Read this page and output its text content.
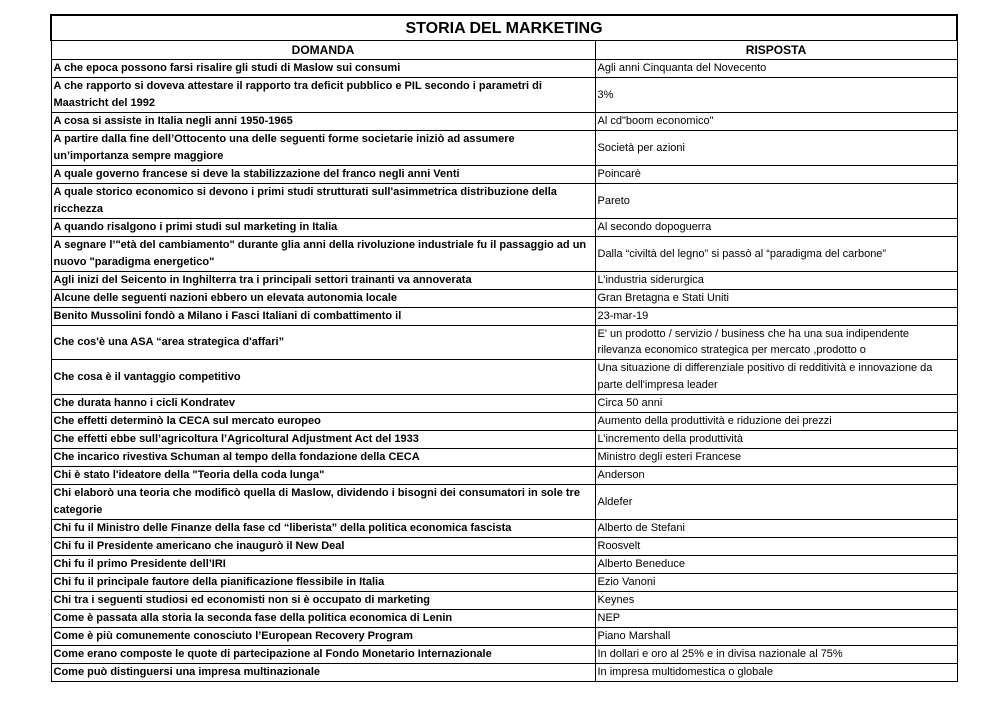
STORIA DEL MARKETING	
DOMANDA	RISPOSTA
A che epoca possono farsi risalire gli studi di Maslow sui consumi	Agli anni Cinquanta del Novecento
A che rapporto si doveva attestare il rapporto tra deficit pubblico e PIL secondo i parametri di Maastricht del 1992	3%
A cosa si assiste in Italia negli anni 1950-1965	Al cd"boom economico"
A partire dalla fine dell’Ottocento una delle seguenti forme societarie iniziò ad assumere un’importanza sempre maggiore	Società per azioni
A quale governo francese si deve la stabilizzazione del franco negli anni Venti	Poincarè
A quale storico economico si devono i primi studi strutturati sull'asimmetrica distribuzione della ricchezza	Pareto
A quando risalgono i primi studi sul marketing in Italia	Al secondo dopoguerra
A segnare l’"età del cambiamento" durante glia anni della rivoluzione industriale fu il passaggio ad un nuovo "paradigma energetico"	Dalla “civiltà del legno” si passò al “paradigma del carbone”
Agli inizi del Seicento in Inghilterra tra i principali settori trainanti va annoverata	L’industria siderurgica
Alcune delle seguenti nazioni ebbero un elevata autonomia locale	Gran Bretagna e Stati Uniti
Benito Mussolini fondò a Milano i Fasci Italiani di combattimento il	23-mar-19
Che cos'è una ASA “area strategica d'affari”	E' un prodotto / servizio / business che ha una sua indipendente rilevanza economico strategica per mercato ,prodotto o

Che cosa è il vantaggio competitivo	Una situazione di differenziale positivo di redditività e innovazione da parte dell'impresa leader
Che durata hanno i cicli Kondratev	Circa 50 anni
Che effetti determinò la CECA sul mercato europeo	Aumento della produttività e riduzione dei prezzi
Che effetti ebbe sull’agricoltura l’Agricoltural Adjustment Act del 1933	L’incremento della produttività
Che incarico rivestiva Schuman al tempo della fondazione della CECA	Ministro degli esteri Francese
Chi è stato l'ideatore della "Teoria della coda lunga"	Anderson
Chi elaborò una teoria che modificò quella di Maslow, dividendo i bisogni dei consumatori in sole tre categorie	Aldefer
Chi fu il Ministro delle Finanze della fase cd “liberista” della politica economica fascista	Alberto de Stefani
Chi fu il Presidente americano che inaugurò il New Deal	Roosvelt
Chi fu il primo Presidente dell’IRI	Alberto Beneduce
Chi fu il principale fautore della pianificazione flessibile in Italia	Ezio Vanoni
Chi tra i seguenti studiosi ed economisti non si è occupato di marketing	Keynes
Come è passata alla storia la seconda fase della politica economica di Lenin	NEP
Come è più comunemente conosciuto l’European Recovery Program	Piano Marshall
Come erano composte le quote di partecipazione al Fondo Monetario Internazionale	In dollari e oro al 25% e in divisa nazionale al 75%
Come può distinguersi una impresa multinazionale	In impresa multidomestica o globale
